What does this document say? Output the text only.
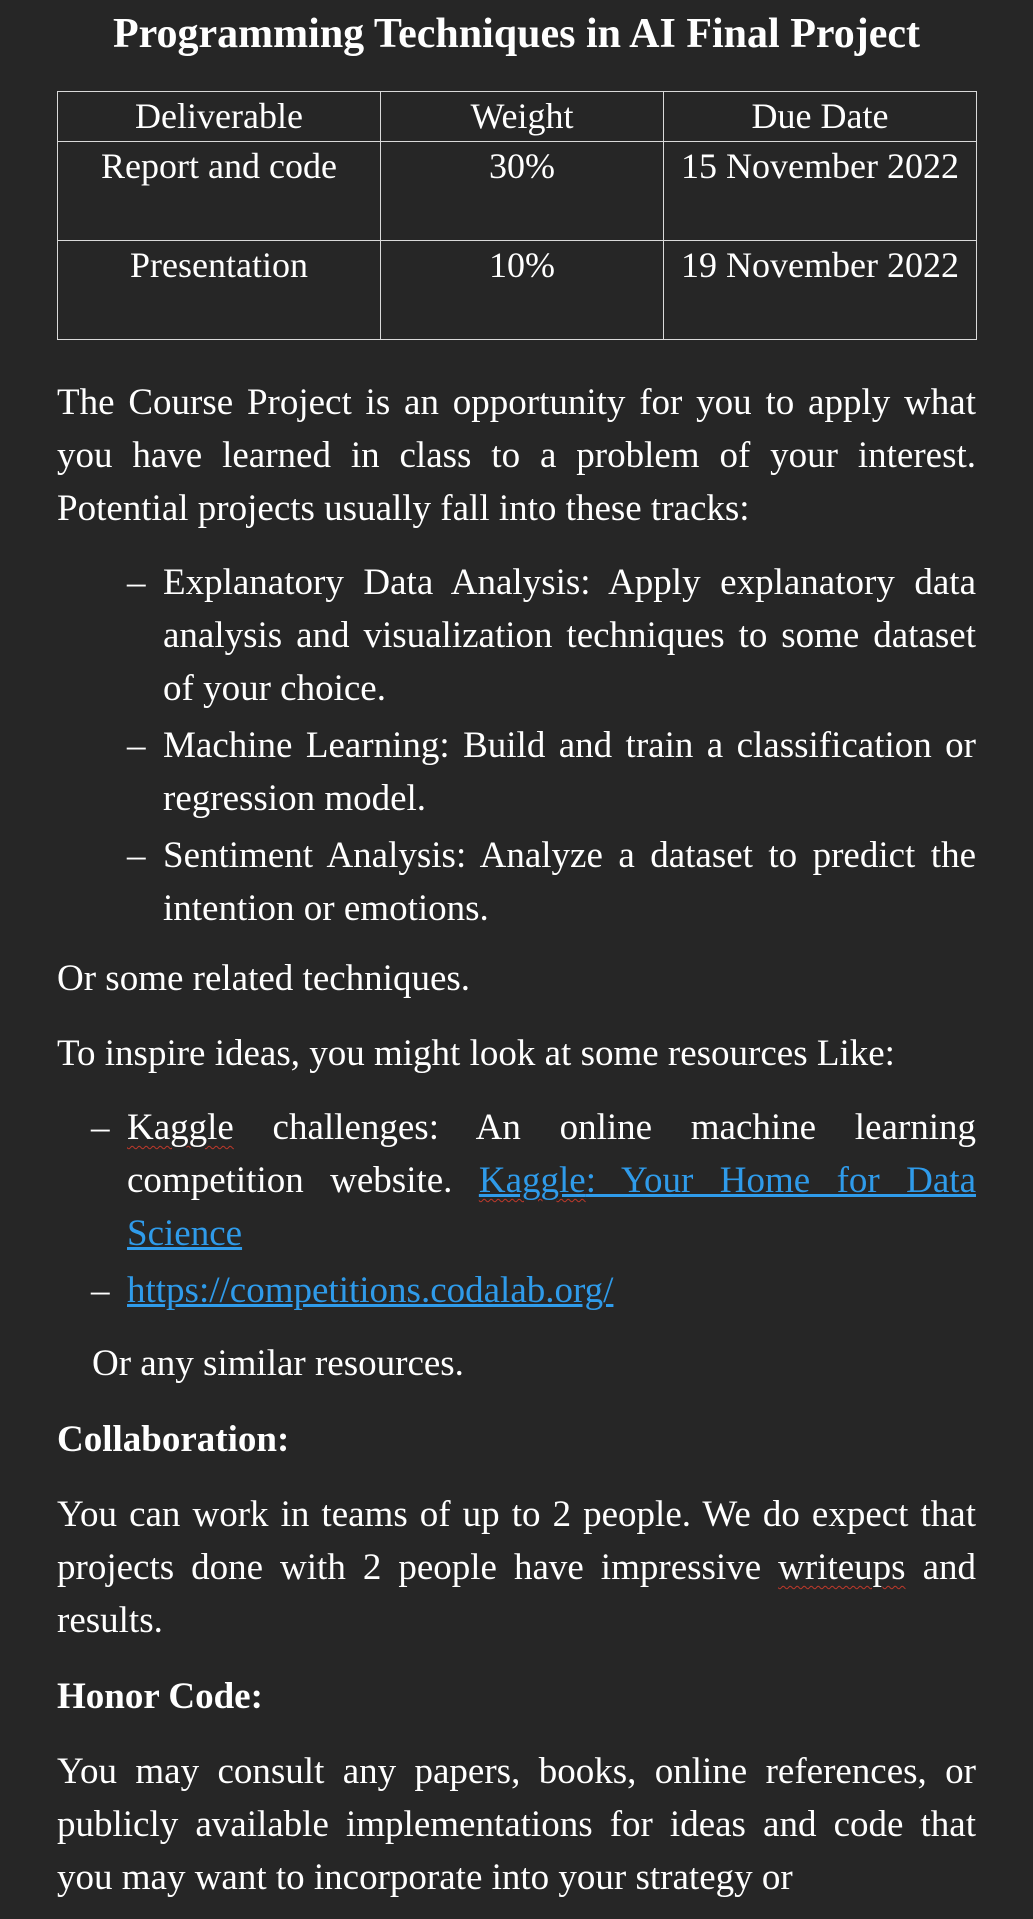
Programming Techniques in AI Final Project
Deliverable	Weight	Due Date
Report and code	30%	15 November 2022
Presentation	10%	19 November 2022

The Course Project is an opportunity for you to apply what you have learned in class to a problem of your interest. Potential projects usually fall into these tracks:

– Explanatory Data Analysis: Apply explanatory data analysis and visualization techniques to some dataset of your choice.
– Machine Learning: Build and train a classification or regression model.
– Sentiment Analysis: Analyze a dataset to predict the intention or emotions.

Or some related techniques.

To inspire ideas, you might look at some resources Like:

– Kaggle challenges: An online machine learning competition website. Kaggle: Your Home for Data Science
– https://competitions.codalab.org/

Or any similar resources.

Collaboration:

You can work in teams of up to 2 people. We do expect that projects done with 2 people have impressive writeups and results.

Honor Code:

You may consult any papers, books, online references, or publicly available implementations for ideas and code that you may want to incorporate into your strategy or
